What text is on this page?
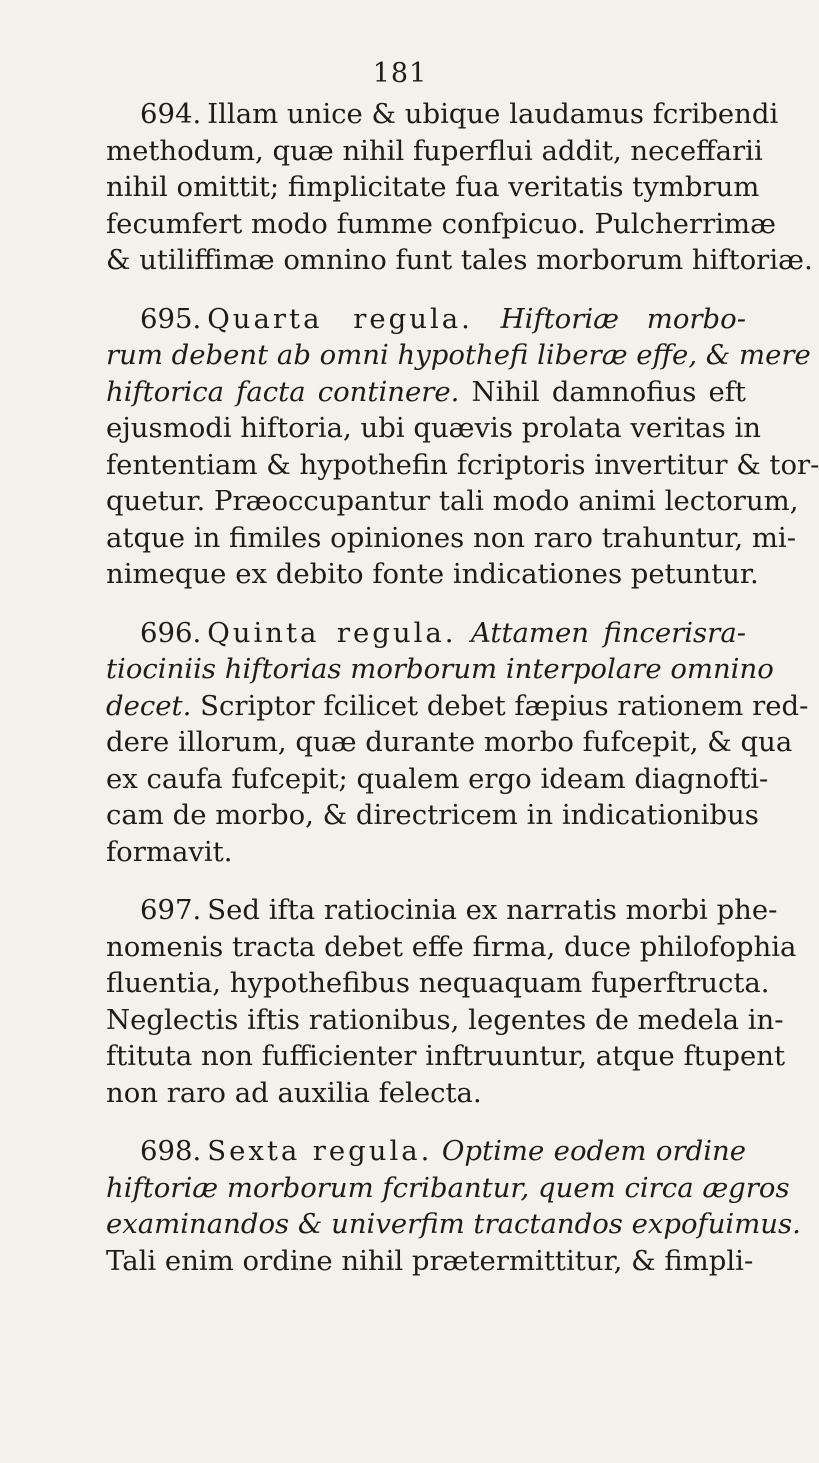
181
694. Illam unice & ubique laudamus fcribendi
methodum, quæ nihil fuperflui addit, neceffarii
nihil omittit; fimplicitate fua veritatis tymbrum
fecumfert modo fumme confpicuo. Pulcherrimæ
& utiliffimæ omnino funt tales morborum hiftoriæ.
695. Quarta regula. Hiftoriæ morbo-
rum debent ab omni hypothefi liberæ effe, & mere
hiftorica facta continere. Nihil damnofius eft
ejusmodi hiftoria, ubi quævis prolata veritas in
fententiam & hypothefin fcriptoris invertitur & tor-
quetur. Præoccupantur tali modo animi lectorum,
atque in fimiles opiniones non raro trahuntur, mi-
nimeque ex debito fonte indicationes petuntur.
696. Quinta regula. Attamen fincerisra-
tiociniis hiftorias morborum interpolare omnino
decet. Scriptor fcilicet debet fæpius rationem red-
dere illorum, quæ durante morbo fufcepit, & qua
ex caufa fufcepit; qualem ergo ideam diagnofti-
cam de morbo, & directricem in indicationibus
formavit.
697. Sed ifta ratiocinia ex narratis morbi phe-
nomenis tracta debet effe firma, duce philofophia
fluentia, hypothefibus nequaquam fuperftructa.
Neglectis iftis rationibus, legentes de medela in-
ftituta non fufficienter inftruuntur, atque ftupent
non raro ad auxilia felecta.
698. Sexta regula. Optime eodem ordine
hiftoriæ morborum fcribantur, quem circa ægros
examinandos & univerfim tractandos expofuimus.
Tali enim ordine nihil prætermittitur, & fimpli-
